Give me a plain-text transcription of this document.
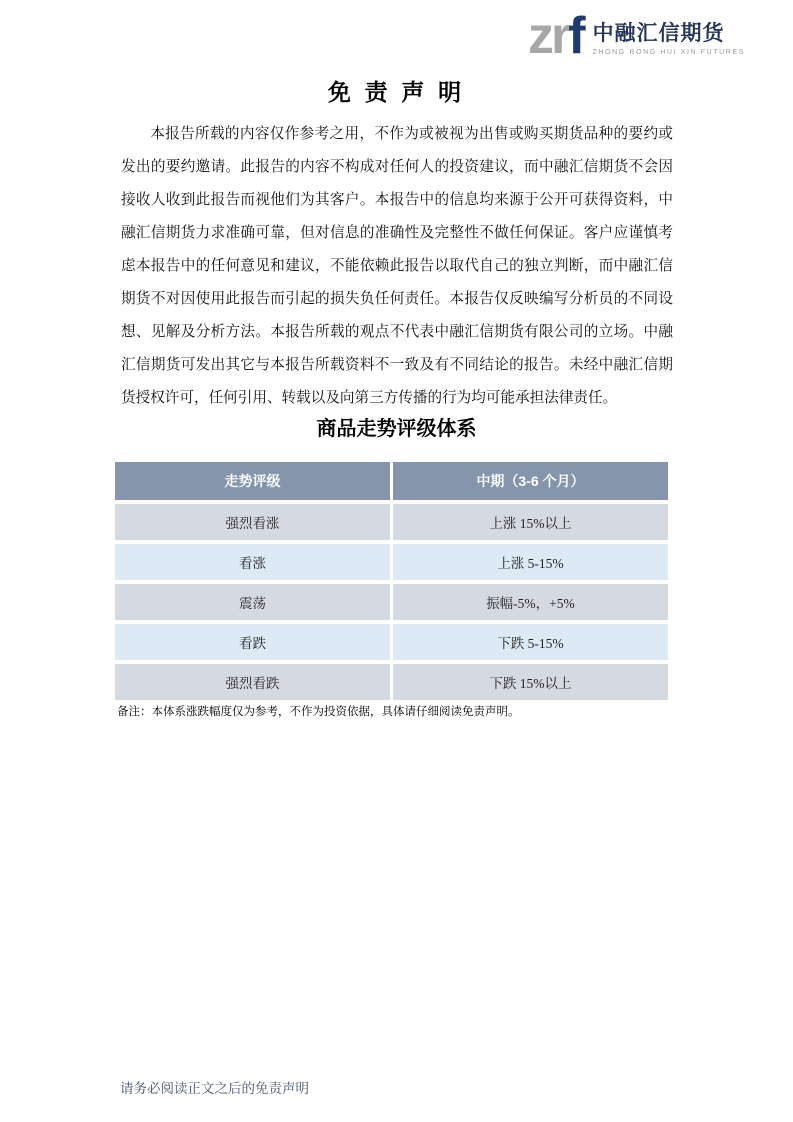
zrf 中融汇信期货
ZHONG RONG HUI XIN FUTURES
免 责 声 明
本报告所载的内容仅作参考之用，不作为或被视为出售或购买期货品种的要约或发出的要约邀请。此报告的内容不构成对任何人的投资建议，而中融汇信期货不会因接收人收到此报告而视他们为其客户。本报告中的信息均来源于公开可获得资料，中融汇信期货力求准确可靠，但对信息的准确性及完整性不做任何保证。客户应谨慎考虑本报告中的任何意见和建议，不能依赖此报告以取代自己的独立判断，而中融汇信期货不对因使用此报告而引起的损失负任何责任。本报告仅反映编写分析员的不同设想、见解及分析方法。本报告所载的观点不代表中融汇信期货有限公司的立场。中融汇信期货可发出其它与本报告所载资料不一致及有不同结论的报告。未经中融汇信期货授权许可，任何引用、转载以及向第三方传播的行为均可能承担法律责任。
商品走势评级体系
走势评级	中期（3-6 个月）
强烈看涨	上涨 15%以上
看涨	上涨 5-15%
震荡	振幅-5%，+5%
看跌	下跌 5-15%
强烈看跌	下跌 15%以上
备注：本体系涨跌幅度仅为参考，不作为投资依据，具体请仔细阅读免责声明。
请务必阅读正文之后的免责声明
